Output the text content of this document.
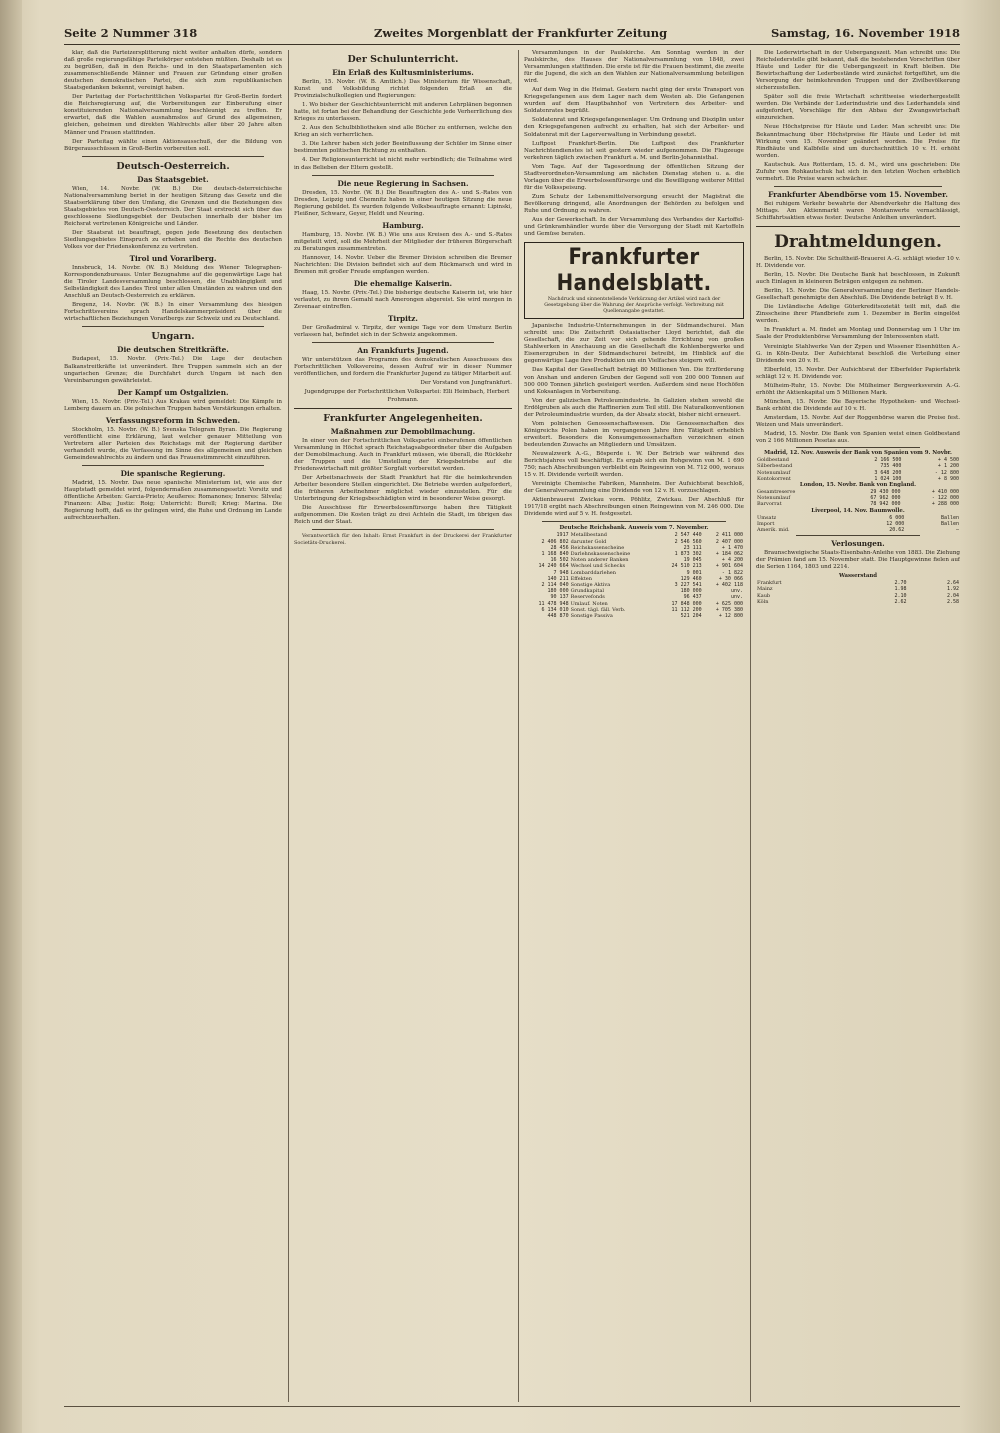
Seite 2 Nummer 318	Zweites Morgenblatt der Frankfurter Zeitung	Samstag, 16. November 1918

klar, daß die Parteizersplitterung nicht weiter anhalten dürfe, sondern daß große regierungsfähige Parteikörper entstehen müßten. Deshalb ist es zu begrüßen, daß in den Reichs- und in den Staatsparlamenten sich zusammenschließende Männer und Frauen zur Gründung einer großen deutschen demokratischen Partei, die sich zum republikanischen Staatsgedanken bekennt, vereinigt haben.

Der Parteitag der Fortschrittlichen Volkspartei für Groß-Berlin fordert die Reichsregierung auf, die Vorbereitungen zur Einberufung einer konstituierenden Nationalversammlung beschleunigt zu treffen. Er erwartet, daß die Wahlen ausnahmslos auf Grund des allgemeinen, gleichen, geheimen und direkten Wahlrechts aller über 20 Jahre alten Männer und Frauen stattfinden.

Der Parteitag wählte einen Aktionsausschuß, der die Bildung von Bürgerausschüssen in Groß-Berlin vorbereiten soll.

Deutsch-Oesterreich.
Das Staatsgebiet.

Wien, 14. Novbr. (W. B.) Die deutsch-österreichische Nationalversammlung beriet in der heutigen Sitzung das Gesetz und die Staatserklärung über den Umfang, die Grenzen und die Beziehungen des Staatsgebietes von Deutsch-Oesterreich. Der Staat erstreckt sich über das geschlossene Siedlungsgebiet der Deutschen innerhalb der bisher im Reichsrat vertretenen Königreiche und Länder.

Der Staatsrat ist beauftragt, gegen jede Besetzung des deutschen Siedlungsgebietes Einspruch zu erheben und die Rechte des deutschen Volkes vor der Friedenskonferenz zu vertreten.

Tirol und Vorarlberg.

Innsbruck, 14. Novbr. (W. B.) Meldung des Wiener Telegraphen-Korrespondenzbureaus. Unter Bezugnahme auf die gegenwärtige Lage hat die Tiroler Landesversammlung beschlossen, die Unabhängigkeit und Selbständigkeit des Landes Tirol unter allen Umständen zu wahren und den Anschluß an Deutsch-Oesterreich zu erklären.

Bregenz, 14. Novbr. (W. B.) In einer Versammlung des hiesigen Fortschrittsvereins sprach Handelskammerpräsident über die wirtschaftlichen Beziehungen Vorarlbergs zur Schweiz und zu Deutschland.

Ungarn.
Die deutschen Streitkräfte.

Budapest, 15. Novbr. (Priv.-Tel.) Die Lage der deutschen Balkanstreitkräfte ist unverändert. Ihre Truppen sammeln sich an der ungarischen Grenze; die Durchfahrt durch Ungarn ist nach den Vereinbarungen gewährleistet.

Der Kampf um Ostgalizien.

Wien, 15. Novbr. (Priv.-Tel.) Aus Krakau wird gemeldet: Die Kämpfe in Lemberg dauern an. Die polnischen Truppen haben Verstärkungen erhalten.

Verfassungsreform in Schweden.

Stockholm, 15. Novbr. (W. B.) Svenska Telegram Byran. Die Regierung veröffentlicht eine Erklärung, laut welcher genauer Mitteilung von Vertretern aller Parteien des Reichstags mit der Regierung darüber verhandelt wurde, die Verfassung im Sinne des allgemeinen und gleichen Gemeindewahlrechts zu ändern und das Frauenstimmrecht einzuführen.

Die spanische Regierung.

Madrid, 15. Novbr. Das neue spanische Ministerium ist, wie aus der Hauptstadt gemeldet wird, folgendermaßen zusammengesetzt: Vorsitz und öffentliche Arbeiten: Garcia-Prieto; Aeußeres: Romanones; Inneres: Silvela; Finanzen: Alba; Justiz: Roig; Unterricht: Burell; Krieg: Marina. Die Regierung hofft, daß es ihr gelingen wird, die Ruhe und Ordnung im Lande aufrechtzuerhalten.

Der Schulunterricht.
Ein Erlaß des Kultusministeriums.

Berlin, 15. Novbr. (W. B. Amtlich.) Das Ministerium für Wissenschaft, Kunst und Volksbildung richtet folgenden Erlaß an die Provinzialschulkollegien und Regierungen:

1. Wo bisher der Geschichtsunterricht mit anderen Lehrplänen begonnen hatte, ist fortan bei der Behandlung der Geschichte jede Verherrlichung des Krieges zu unterlassen.

2. Aus den Schulbibliotheken sind alle Bücher zu entfernen, welche den Krieg an sich verherrlichen.

3. Die Lehrer haben sich jeder Beeinflussung der Schüler im Sinne einer bestimmten politischen Richtung zu enthalten.

4. Der Religionsunterricht ist nicht mehr verbindlich; die Teilnahme wird in das Belieben der Eltern gestellt.

Die neue Regierung in Sachsen.

Dresden, 15. Novbr. (W. B.) Die Beauftragten des A.- und S.-Rates von Dresden, Leipzig und Chemnitz haben in einer heutigen Sitzung die neue Regierung gebildet. Es wurden folgende Volksbeauftragte ernannt: Lipinski, Fleißner, Schwarz, Geyer, Heldt und Neuring.

Hamburg.

Hamburg, 15. Novbr. (W. B.) Wie uns aus Kreisen des A.- und S.-Rates mitgeteilt wird, soll die Mehrheit der Mitglieder der früheren Bürgerschaft zu Beratungen zusammentreten.

Hannover, 14. Novbr. Ueber die Bremer Division schreiben die Bremer Nachrichten: Die Division befindet sich auf dem Rückmarsch und wird in Bremen mit großer Freude empfangen werden.

Die ehemalige Kaiserin.

Haag, 15. Novbr. (Priv.-Tel.) Die bisherige deutsche Kaiserin ist, wie hier verlautet, zu ihrem Gemahl nach Amerongen abgereist. Sie wird morgen in Zevenaar eintreffen.

Tirpitz.

Der Großadmiral v. Tirpitz, der wenige Tage vor dem Umsturz Berlin verlassen hat, befindet sich in der Schweiz angekommen.

An Frankfurts Jugend.

Wir unterstützen das Programm des demokratischen Ausschusses des Fortschrittlichen Volksvereins, dessen Aufruf wir in dieser Nummer veröffentlichen, und fordern die Frankfurter Jugend zu tätiger Mitarbeit auf.

Der Vorstand von Jungfrankfurt.

Jugendgruppe der Fortschrittlichen Volkspartei: Elli Heimbach, Herbert Frohmann.

Frankfurter Angelegenheiten.
Maßnahmen zur Demobilmachung.

In einer von der Fortschrittlichen Volkspartei einberufenen öffentlichen Versammlung in Höchst sprach Reichstagsabgeordneter über die Aufgaben der Demobilmachung. Auch in Frankfurt müssen, wie überall, die Rückkehr der Truppen und die Umstellung der Kriegsbetriebe auf die Friedenswirtschaft mit größter Sorgfalt vorbereitet werden.

Der Arbeitsnachweis der Stadt Frankfurt hat für die heimkehrenden Arbeiter besondere Stellen eingerichtet. Die Betriebe werden aufgefordert, die früheren Arbeitnehmer möglichst wieder einzustellen. Für die Unterbringung der Kriegsbeschädigten wird in besonderer Weise gesorgt.

Die Ausschüsse für Erwerbslosenfürsorge haben ihre Tätigkeit aufgenommen. Die Kosten trägt zu drei Achteln die Stadt, im übrigen das Reich und der Staat.

Verantwortlich für den Inhalt: Ernst Frankfurt in der Druckerei der Frankfurter Societäts-Druckerei.

Versammlungen in der Paulskirche. Am Sonntag werden in der Paulskirche, des Hauses der Nationalversammlung von 1848, zwei Versammlungen stattfinden. Die erste ist für die Frauen bestimmt, die zweite für die Jugend, die sich an den Wahlen zur Nationalversammlung beteiligen wird.

Auf dem Weg in die Heimat. Gestern nacht ging der erste Transport von Kriegsgefangenen aus dem Lager nach dem Westen ab. Die Gefangenen wurden auf dem Hauptbahnhof von Vertretern des Arbeiter- und Soldatenrates begrüßt.

Soldatenrat und Kriegsgefangenenlager. Um Ordnung und Disziplin unter den Kriegsgefangenen aufrecht zu erhalten, hat sich der Arbeiter- und Soldatenrat mit der Lagerverwaltung in Verbindung gesetzt.

Luftpost Frankfurt-Berlin. Die Luftpost des Frankfurter Nachrichtendienstes ist seit gestern wieder aufgenommen. Die Flugzeuge verkehren täglich zwischen Frankfurt a. M. und Berlin-Johannisthal.

Vom Tage. Auf der Tagesordnung der öffentlichen Sitzung der Stadtverordneten-Versammlung am nächsten Dienstag stehen u. a. die Vorlagen über die Erwerbslosenfürsorge und die Bewilligung weiterer Mittel für die Volksspeisung.

Zum Schutz der Lebensmittelversorgung ersucht der Magistrat die Bevölkerung dringend, alle Anordnungen der Behörden zu befolgen und Ruhe und Ordnung zu wahren.

Aus der Gewerkschaft. In der Versammlung des Verbandes der Kartoffel- und Grünkramhändler wurde über die Versorgung der Stadt mit Kartoffeln und Gemüse beraten.

Frankfurter Handelsblatt.
Nachdruck und sinnentstellende Verkürzung der Artikel wird nach der Gesetzgebung über die Wahrung der Ansprüche verfolgt. Verbreitung mit Quellenangabe gestattet.

Japanische Industrie-Unternehmungen in der Südmandschurei. Man schreibt uns: Die Zeitschrift Ostasiatischer Lloyd berichtet, daß die Gesellschaft, die zur Zeit vor sich gehende Errichtung von großen Stahlwerken in Anschauung an die Gesellschaft die Kohlenbergwerke und Eisenerzgruben in der Südmandschurei betreibt, im Hinblick auf die gegenwärtige Lage ihre Produktion um ein Vielfaches steigern will.

Das Kapital der Gesellschaft beträgt 80 Millionen Yen. Die Erzförderung von Anshan und anderen Gruben der Gegend soll von 200 000 Tonnen auf 500 000 Tonnen jährlich gesteigert werden. Außerdem sind neue Hochöfen und Koksanlagen in Vorbereitung.

Von der galizischen Petroleumindustrie. In Galizien stehen sowohl die Erdölgruben als auch die Raffinerien zum Teil still. Die Naturalkonventionen der Petroleumindustrie wurden, da der Absatz stockt, bisher nicht erneuert.

Vom polnischen Genossenschaftswesen. Die Genossenschaften des Königreichs Polen haben im vergangenen Jahre ihre Tätigkeit erheblich erweitert. Besonders die Konsumgenossenschaften verzeichnen einen bedeutenden Zuwachs an Mitgliedern und Umsätzen.

Neuwalzwerk A.-G., Bösperde i. W. Der Betrieb war während des Berichtsjahres voll beschäftigt. Es ergab sich ein Rohgewinn von M. 1 690 750; nach Abschreibungen verbleibt ein Reingewinn von M. 712 000, woraus 15 v. H. Dividende verteilt werden.

Vereinigte Chemische Fabriken, Mannheim. Der Aufsichtsrat beschloß, der Generalversammlung eine Dividende von 12 v. H. vorzuschlagen.

Aktienbrauerei Zwickau vorm. Pöhlitz, Zwickau. Der Abschluß für 1917/18 ergibt nach Abschreibungen einen Reingewinn von M. 246 000. Die Dividende wird auf 5 v. H. festgesetzt.

Deutsche Reichsbank. Ausweis vom 7. November.
1917	Metallbestand	2 547 440	2 411 000
2 406 802	darunter Gold	2 546 560	2 407 000
28 456	Reichskassenscheine	23 111	+ 1 470
1 168 840	Darlehnskassenscheine	1 873 302	+ 184 062
16 502	Noten anderer Banken	19 045	+ 4 200
14 240 664	Wechsel und Schecks	24 510 213	+ 901 604
7 948	Lombarddarlehen	9 001	- 1 822
140 211	Effekten	129 460	+ 30 066
2 114 040	Sonstige Aktiva	3 227 541	+ 402 118
180 000	Grundkapital	180 000	unv.
90 137	Reservefonds	96 437	unv.
11 478 948	Umlauf. Noten	17 848 000	+ 625 000
6 134 010	Sonst. tägl. fäll. Verb.	11 112 200	+ 705 380
448 870	Sonstige Passiva	521 204	+ 12 800

Die Lederwirtschaft in der Uebergangszeit. Man schreibt uns: Die Reichslederstelle gibt bekannt, daß die bestehenden Vorschriften über Häute und Leder für die Uebergangszeit in Kraft bleiben. Die Bewirtschaftung der Lederbestände wird zunächst fortgeführt, um die Versorgung der heimkehrenden Truppen und der Zivilbevölkerung sicherzustellen.

Später soll die freie Wirtschaft schrittweise wiederhergestellt werden. Die Verbände der Lederindustrie und des Lederhandels sind aufgefordert, Vorschläge für den Abbau der Zwangswirtschaft einzureichen.

Neue Höchstpreise für Häute und Leder. Man schreibt uns: Die Bekanntmachung über Höchstpreise für Häute und Leder ist mit Wirkung vom 15. November geändert worden. Die Preise für Rindhäute und Kalbfelle sind um durchschnittlich 10 v. H. erhöht worden.

Kautschuk. Aus Rotterdam, 15. d. M., wird uns geschrieben: Die Zufuhr von Rohkautschuk hat sich in den letzten Wochen erheblich vermehrt. Die Preise waren schwächer.

Frankfurter Abendbörse vom 15. November.

Bei ruhigem Verkehr bewahrte der Abendverkehr die Haltung des Mittags. Am Aktienmarkt waren Montanwerte vernachlässigt, Schiffahrtsaktien etwas fester. Deutsche Anleihen unverändert.

Drahtmeldungen.

Berlin, 15. Novbr. Die Schultheiß-Brauerei A.-G. schlägt wieder 10 v. H. Dividende vor.

Berlin, 15. Novbr. Die Deutsche Bank hat beschlossen, in Zukunft auch Einlagen in kleineren Beträgen entgegen zu nehmen.

Berlin, 15. Novbr. Die Generalversammlung der Berliner Handels-Gesellschaft genehmigte den Abschluß. Die Dividende beträgt 8 v. H.

Die Livländische Adelige Güterkreditsozietät teilt mit, daß die Zinsscheine ihrer Pfandbriefe zum 1. Dezember in Berlin eingelöst werden.

In Frankfurt a. M. findet am Montag und Donnerstag um 1 Uhr im Saale der Produktenbörse Versammlung der Interessenten statt.

Vereinigte Stahlwerke Van der Zypen und Wissener Eisenhütten A.-G. in Köln-Deutz. Der Aufsichtsrat beschloß die Verteilung einer Dividende von 20 v. H.

Elberfeld, 15. Novbr. Der Aufsichtsrat der Elberfelder Papierfabrik schlägt 12 v. H. Dividende vor.

Mülheim-Ruhr, 15. Novbr. Die Mülheimer Bergwerksverein A.-G. erhöht ihr Aktienkapital um 5 Millionen Mark.

München, 15. Novbr. Die Bayerische Hypotheken- und Wechsel-Bank erhöht die Dividende auf 10 v. H.

Amsterdam, 15. Novbr. Auf der Roggenbörse waren die Preise fest. Weizen und Mais unverändert.

Madrid, 15. Novbr. Die Bank von Spanien weist einen Goldbestand von 2 166 Millionen Pesetas aus.

Madrid, 12. Nov. Ausweis der Bank von Spanien vom 9. Novbr.
Goldbestand	2 166 500	+ 4 500
Silberbestand	735 400	+ 1 200
Notenumlauf	3 648 200	- 12 800
Kontokorrent	1 024 100	+ 8 900
London, 15. Novbr. Bank von England.
Gesamtreserve	29 430 000	+ 410 000
Notenumlauf	67 962 000	- 122 000
Barvorrat	78 942 000	+ 288 000
Liverpool, 14. Nov. Baumwolle.
Umsatz	6 000	Ballen
Import	12 000	Ballen
Amerik. mid.	20.62	—
Verlosungen.

Braunschweigische Staats-Eisenbahn-Anleihe von 1883. Die Ziehung der Prämien fand am 15. November statt. Die Hauptgewinne fielen auf die Serien 1164, 1803 und 2214.

Wasserstand
Frankfurt	2.70	2.64
Mainz	1.98	1.92
Kaub	2.10	2.04
Köln	2.62	2.58
